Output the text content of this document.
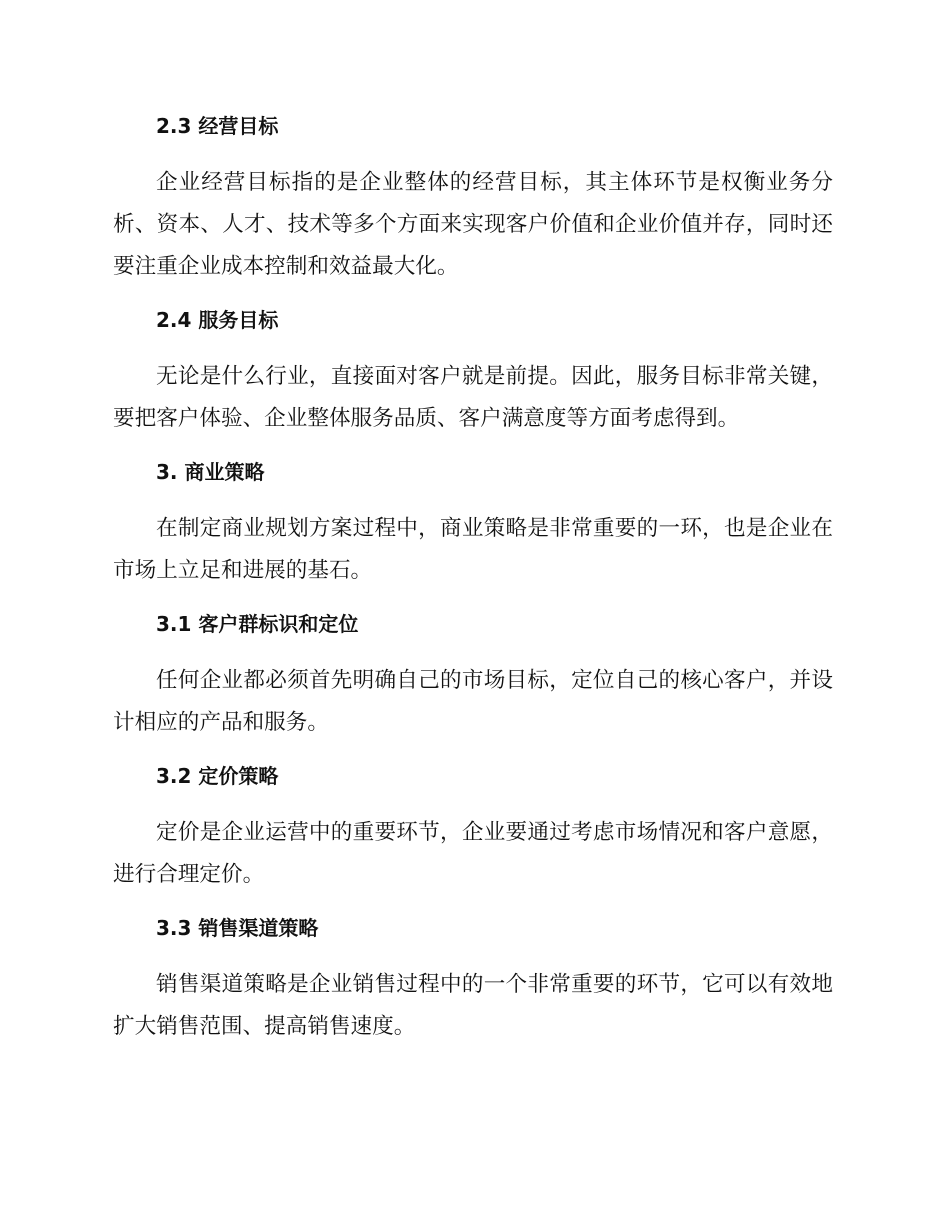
2.3 经营目标

企业经营目标指的是企业整体的经营目标，其主体环节是权衡业务分析、资本、人才、技术等多个方面来实现客户价值和企业价值并存，同时还要注重企业成本控制和效益最大化。

2.4 服务目标

无论是什么行业，直接面对客户就是前提。因此，服务目标非常关键，要把客户体验、企业整体服务品质、客户满意度等方面考虑得到。

3. 商业策略

在制定商业规划方案过程中，商业策略是非常重要的一环，也是企业在市场上立足和进展的基石。

3.1 客户群标识和定位

任何企业都必须首先明确自己的市场目标，定位自己的核心客户，并设计相应的产品和服务。

3.2 定价策略

定价是企业运营中的重要环节，企业要通过考虑市场情况和客户意愿，进行合理定价。

3.3 销售渠道策略

销售渠道策略是企业销售过程中的一个非常重要的环节，它可以有效地扩大销售范围、提高销售速度。
